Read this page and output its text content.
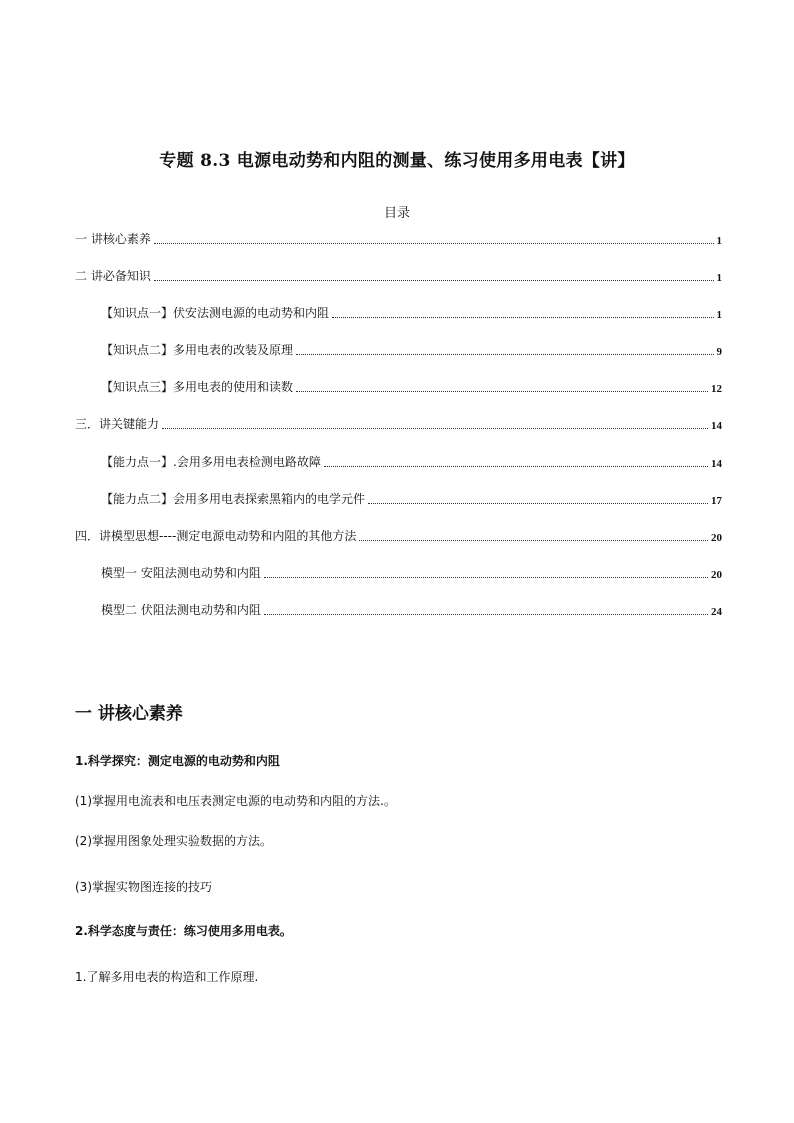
专题 8.3 电源电动势和内阻的测量、练习使用多用电表【讲】
目录
一 讲核心素养	1
二 讲必备知识	1
【知识点一】伏安法测电源的电动势和内阻	1
【知识点二】多用电表的改装及原理	9
【知识点三】多用电表的使用和读数	12
三．讲关键能力	14
【能力点一】.会用多用电表检测电路故障	14
【能力点二】会用多用电表探索黑箱内的电学元件	17
四．讲模型思想----测定电源电动势和内阻的其他方法	20
模型一 安阻法测电动势和内阻	20
模型二 伏阻法测电动势和内阻	24
一 讲核心素养
1.科学探究：测定电源的电动势和内阻
(1)掌握用电流表和电压表测定电源的电动势和内阻的方法.。
(2)掌握用图象处理实验数据的方法。
(3)掌握实物图连接的技巧
2.科学态度与责任：练习使用多用电表。
1.了解多用电表的构造和工作原理.
